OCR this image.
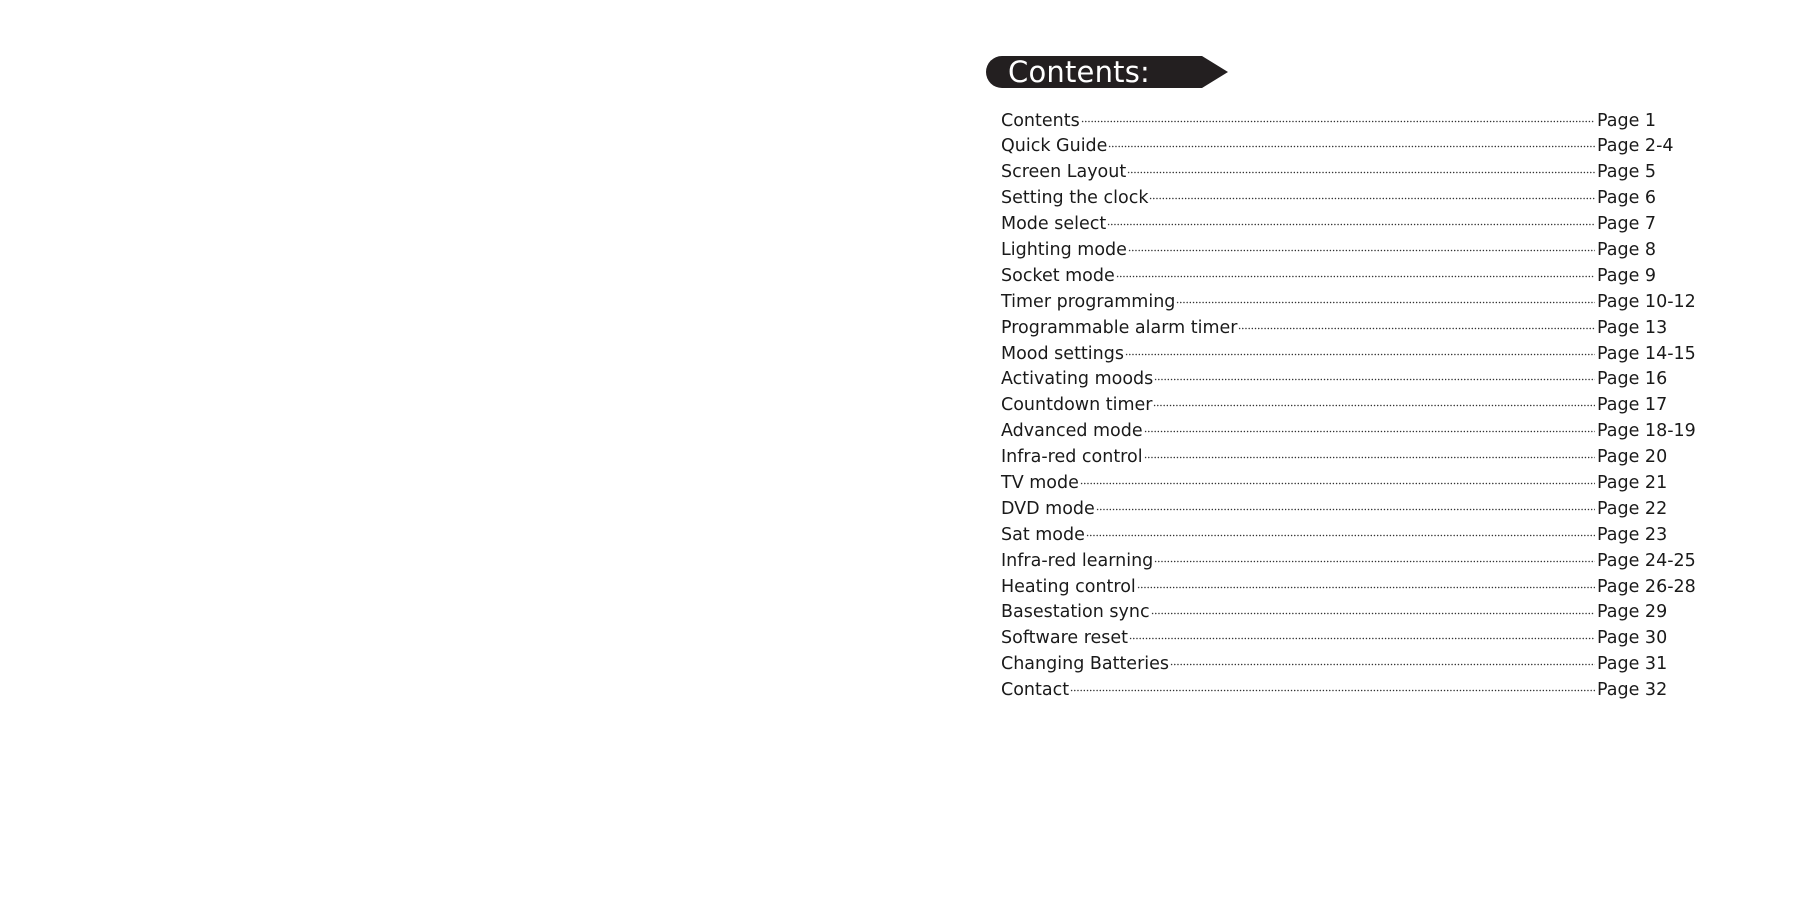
Contents:
Contents	Page 1
Quick Guide	Page 2-4
Screen Layout	Page 5
Setting the clock	Page 6
Mode select	Page 7
Lighting mode	Page 8
Socket mode	Page 9
Timer programming	Page 10-12
Programmable alarm timer	Page 13
Mood settings	Page 14-15
Activating moods	Page 16
Countdown timer	Page 17
Advanced mode	Page 18-19
Infra-red control	Page 20
TV mode	Page 21
DVD mode	Page 22
Sat mode	Page 23
Infra-red learning	Page 24-25
Heating control	Page 26-28
Basestation sync	Page 29
Software reset	Page 30
Changing Batteries	Page 31
Contact	Page 32
